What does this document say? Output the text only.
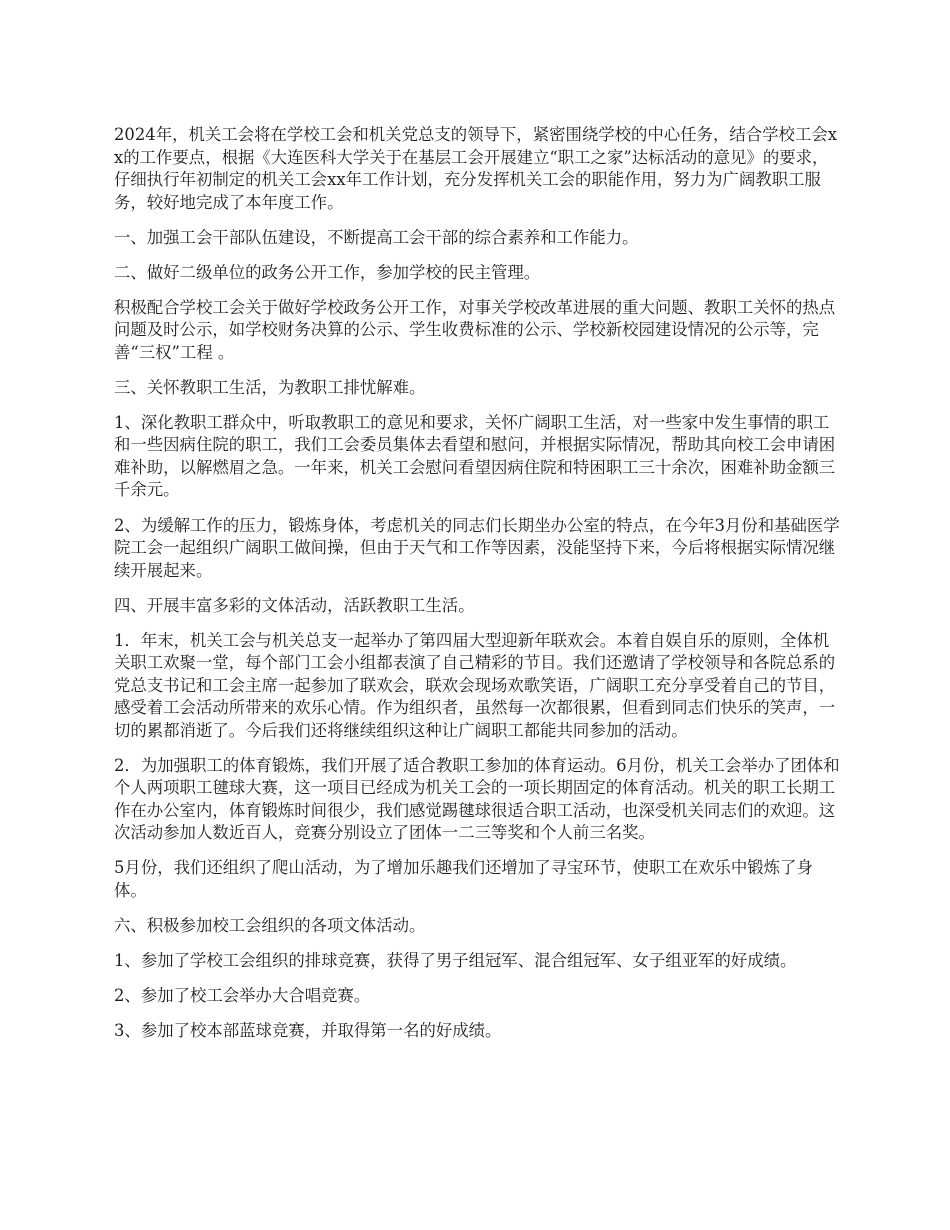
2024年，机关工会将在学校工会和机关党总支的领导下，紧密围绕学校的中心任务，结合学校工会xx的工作要点，根据《大连医科大学关于在基层工会开展建立“职工之家”达标活动的意见》的要求，仔细执行年初制定的机关工会xx年工作计划，充分发挥机关工会的职能作用，努力为广阔教职工服务，较好地完成了本年度工作。

一、加强工会干部队伍建设，不断提高工会干部的综合素养和工作能力。

二、做好二级单位的政务公开工作，参加学校的民主管理。

积极配合学校工会关于做好学校政务公开工作，对事关学校改革进展的重大问题、教职工关怀的热点问题及时公示，如学校财务决算的公示、学生收费标准的公示、学校新校园建设情况的公示等，完善“三权”工程 。

三、关怀教职工生活，为教职工排忧解难。

1、深化教职工群众中，听取教职工的意见和要求，关怀广阔职工生活，对一些家中发生事情的职工和一些因病住院的职工，我们工会委员集体去看望和慰问，并根据实际情况，帮助其向校工会申请困难补助，以解燃眉之急。一年来，机关工会慰问看望因病住院和特困职工三十余次，困难补助金额三千余元。

2、为缓解工作的压力，锻炼身体，考虑机关的同志们长期坐办公室的特点，在今年3月份和基础医学院工会一起组织广阔职工做间操，但由于天气和工作等因素，没能坚持下来，今后将根据实际情况继续开展起来。

四、开展丰富多彩的文体活动，活跃教职工生活。

1．年末，机关工会与机关总支一起举办了第四届大型迎新年联欢会。本着自娱自乐的原则，全体机关职工欢聚一堂，每个部门工会小组都表演了自己精彩的节目。我们还邀请了学校领导和各院总系的党总支书记和工会主席一起参加了联欢会，联欢会现场欢歌笑语，广阔职工充分享受着自己的节目，感受着工会活动所带来的欢乐心情。作为组织者，虽然每一次都很累，但看到同志们快乐的笑声，一切的累都消逝了。今后我们还将继续组织这种让广阔职工都能共同参加的活动。

2．为加强职工的体育锻炼，我们开展了适合教职工参加的体育运动。6月份，机关工会举办了团体和个人两项职工毽球大赛，这一项目已经成为机关工会的一项长期固定的体育活动。机关的职工长期工作在办公室内，体育锻炼时间很少，我们感觉踢毽球很适合职工活动，也深受机关同志们的欢迎。这次活动参加人数近百人，竞赛分别设立了团体一二三等奖和个人前三名奖。

5月份，我们还组织了爬山活动，为了增加乐趣我们还增加了寻宝环节，使职工在欢乐中锻炼了身体。

六、积极参加校工会组织的各项文体活动。

1、参加了学校工会组织的排球竞赛，获得了男子组冠军、混合组冠军、女子组亚军的好成绩。

2、参加了校工会举办大合唱竞赛。

3、参加了校本部蓝球竞赛，并取得第一名的好成绩。
